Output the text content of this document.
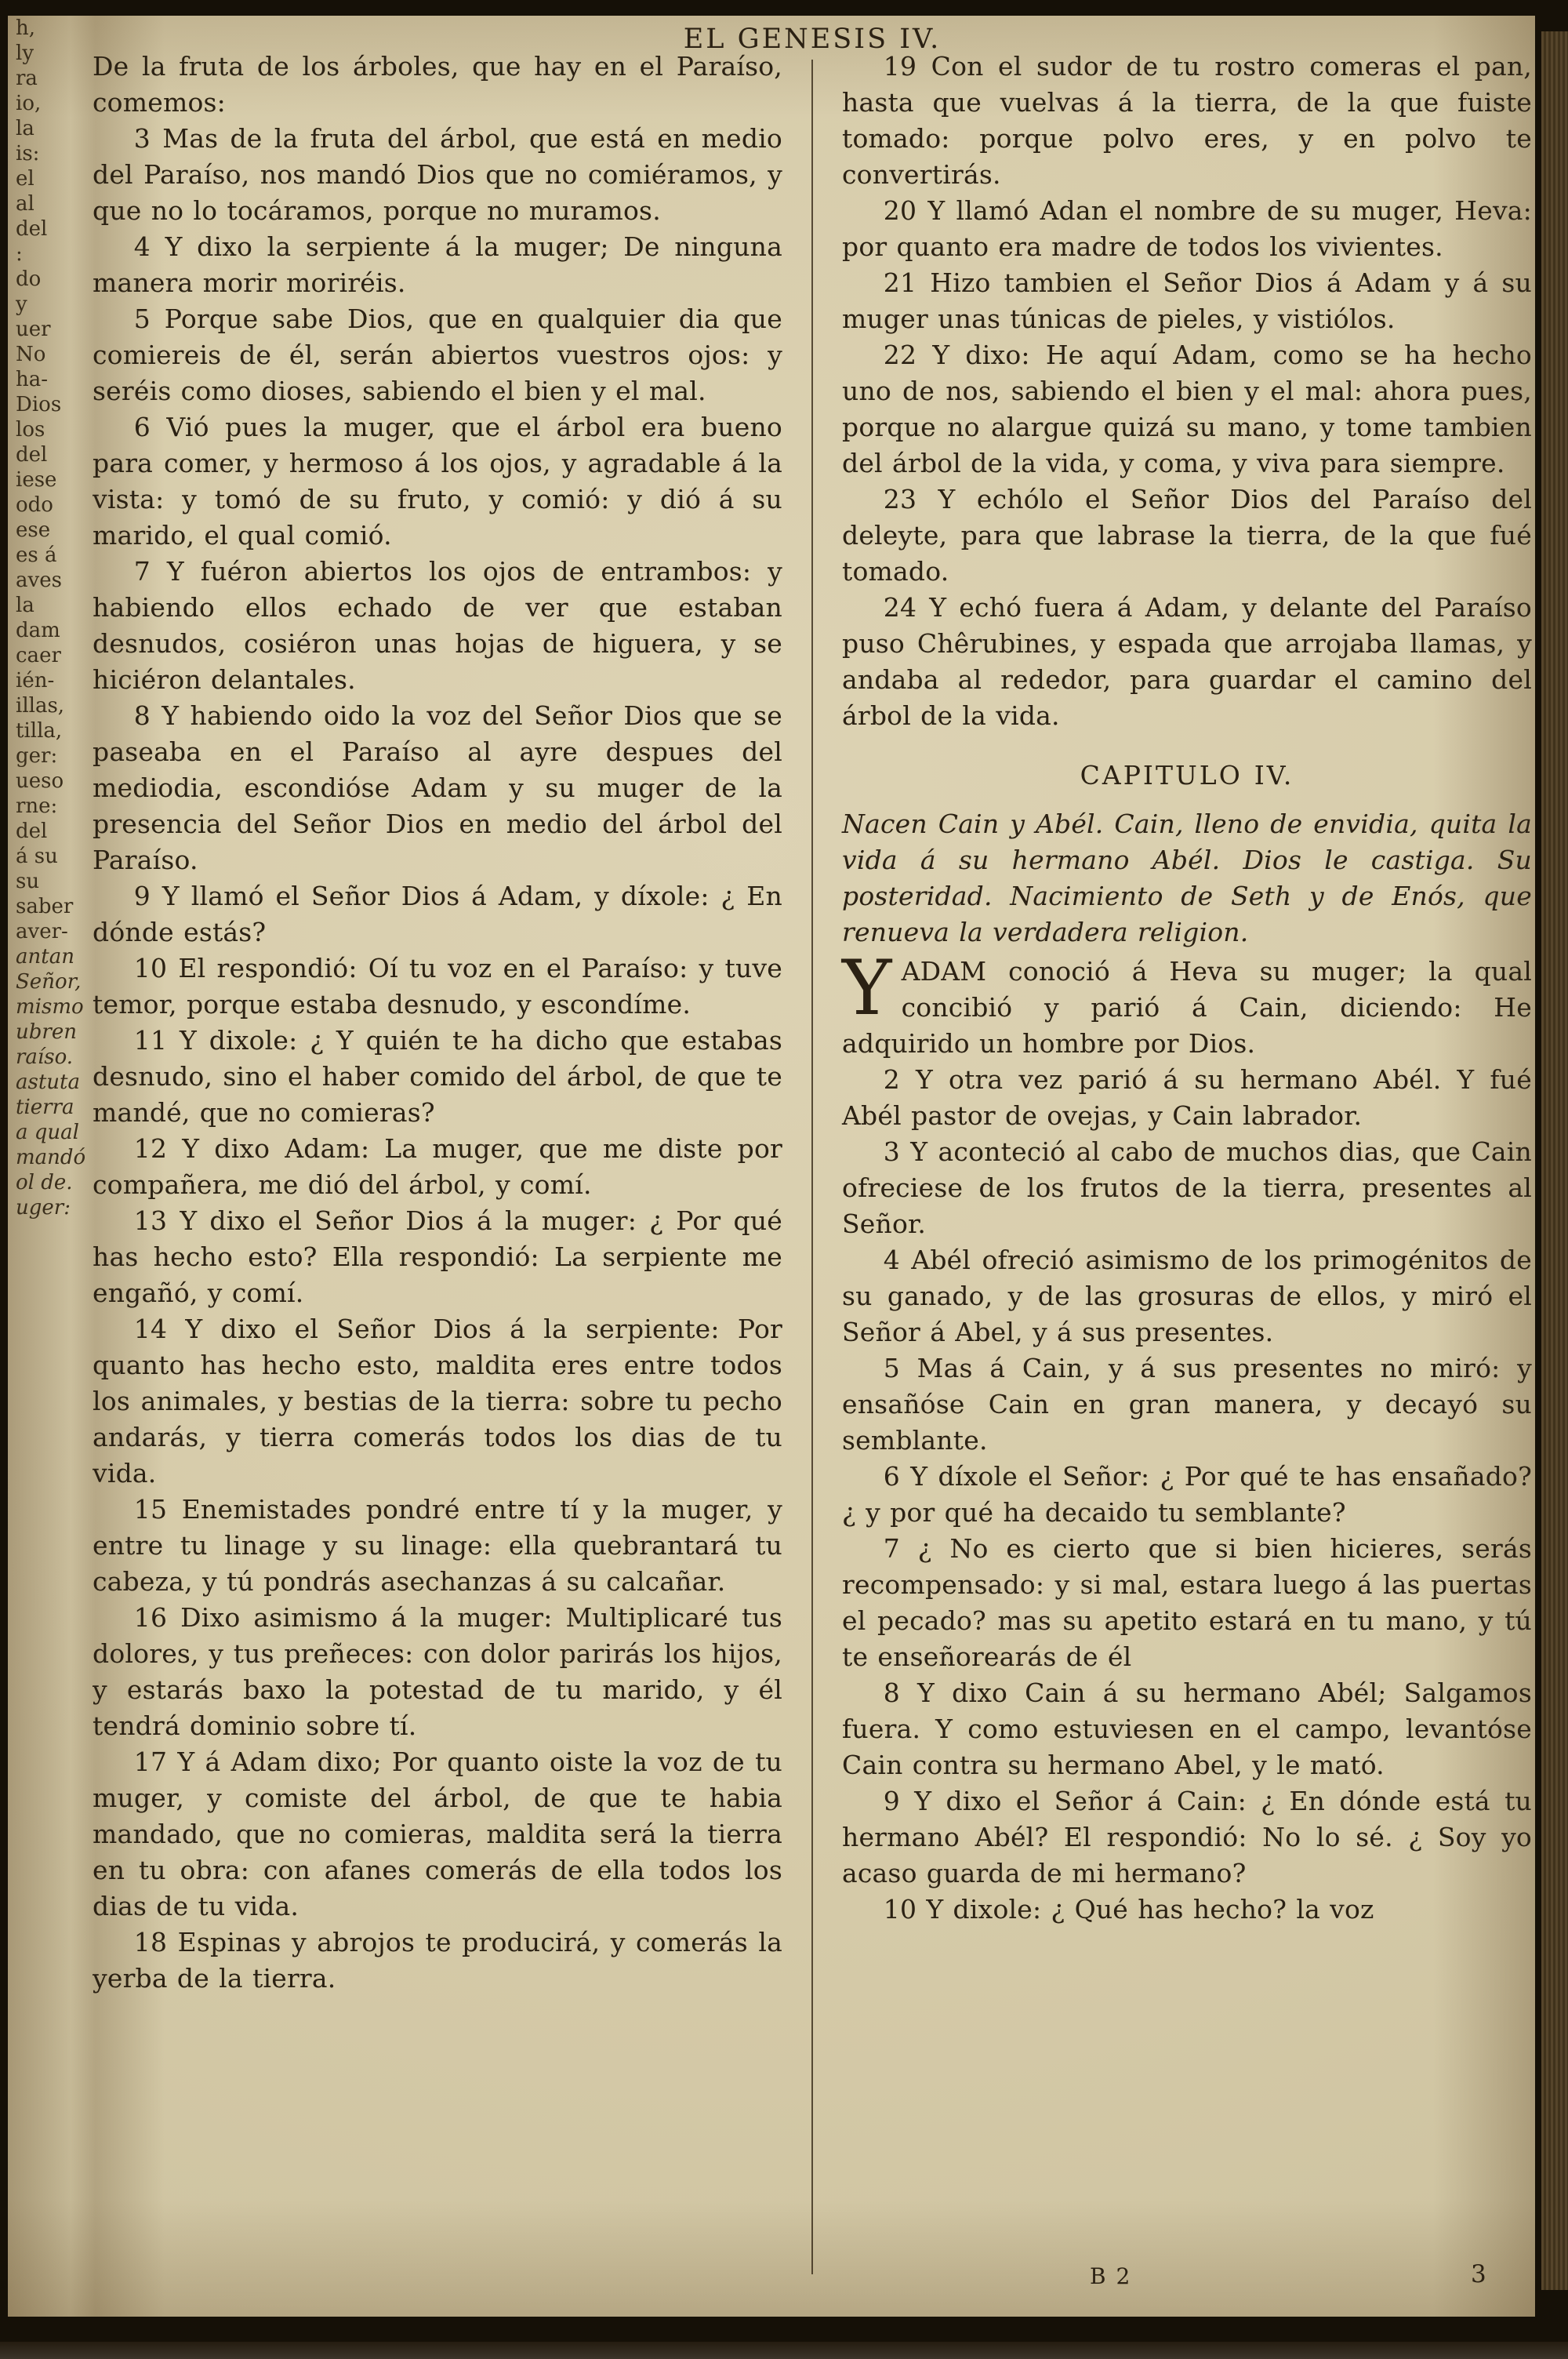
h,
ly
ra
io,
la
is:
el
al
del
:
do
y
uer
No
ha-
Dios
los
del
iese
odo
ese
es á
aves
la
dam
caer
ién-
illas,
tilla,
ger:
ueso
rne:
del
á su
su
saber
aver-
antan
Señor,
mismo
ubren
raíso.
astuta
tierra
a qual
mandó
ol de.
uger:
EL GENESIS IV.

De la fruta de los árboles, que hay en el Paraíso, comemos:

3 Mas de la fruta del árbol, que está en medio del Paraíso, nos mandó Dios que no comiéramos, y que no lo tocáramos, porque no muramos.

4 Y dixo la serpiente á la muger; De ninguna manera morir moriréis.

5 Porque sabe Dios, que en qualquier dia que comiereis de él, serán abiertos vuestros ojos: y seréis como dioses, sabiendo el bien y el mal.

6 Vió pues la muger, que el árbol era bueno para comer, y hermoso á los ojos, y agradable á la vista: y tomó de su fruto, y comió: y dió á su marido, el qual comió.

7 Y fuéron abiertos los ojos de entrambos: y habiendo ellos echado de ver que estaban desnudos, cosiéron unas hojas de higuera, y se hiciéron delantales.

8 Y habiendo oido la voz del Señor Dios que se paseaba en el Paraíso al ayre despues del mediodia, escondióse Adam y su muger de la presencia del Señor Dios en medio del árbol del Paraíso.

9 Y llamó el Señor Dios á Adam, y díxole: ¿ En dónde estás?

10 El respondió: Oí tu voz en el Paraíso: y tuve temor, porque estaba desnudo, y escondíme.

11 Y dixole: ¿ Y quién te ha dicho que estabas desnudo, sino el haber comido del árbol, de que te mandé, que no comieras?

12 Y dixo Adam: La muger, que me diste por compañera, me dió del árbol, y comí.

13 Y dixo el Señor Dios á la muger: ¿ Por qué has hecho esto? Ella respondió: La serpiente me engañó, y comí.

14 Y dixo el Señor Dios á la serpiente: Por quanto has hecho esto, maldita eres entre todos los animales, y bestias de la tierra: sobre tu pecho andarás, y tierra comerás todos los dias de tu vida.

15 Enemistades pondré entre tí y la muger, y entre tu linage y su linage: ella quebrantará tu cabeza, y tú pondrás asechanzas á su calcañar.

16 Dixo asimismo á la muger: Multiplicaré tus dolores, y tus preñeces: con dolor parirás los hijos, y estarás baxo la potestad de tu marido, y él tendrá dominio sobre tí.

17 Y á Adam dixo; Por quanto oiste la voz de tu muger, y comiste del árbol, de que te habia mandado, que no comieras, maldita será la tierra en tu obra: con afanes comerás de ella todos los dias de tu vida.

18 Espinas y abrojos te producirá, y comerás la yerba de la tierra.

19 Con el sudor de tu rostro comeras el pan, hasta que vuelvas á la tierra, de la que fuiste tomado: porque polvo eres, y en polvo te convertirás.

20 Y llamó Adan el nombre de su muger, Heva: por quanto era madre de todos los vivientes.

21 Hizo tambien el Señor Dios á Adam y á su muger unas túnicas de pieles, y vistiólos.

22 Y dixo: He aquí Adam, como se ha hecho uno de nos, sabiendo el bien y el mal: ahora pues, porque no alargue quizá su mano, y tome tambien del árbol de la vida, y coma, y viva para siempre.

23 Y echólo el Señor Dios del Paraíso del deleyte, para que labrase la tierra, de la que fué tomado.

24 Y echó fuera á Adam, y delante del Paraíso puso Chêrubines, y espada que arrojaba llamas, y andaba al rededor, para guardar el camino del árbol de la vida.

CAPITULO IV.

Nacen Cain y Abél. Cain, lleno de envidia, quita la vida á su hermano Abél. Dios le castiga. Su posteridad. Nacimiento de Seth y de Enós, que renueva la verdadera religion.

YADAM conoció á Heva su muger; la qual concibió y parió á Cain, diciendo: He adquirido un hombre por Dios.

2 Y otra vez parió á su hermano Abél. Y fué Abél pastor de ovejas, y Cain labrador.

3 Y aconteció al cabo de muchos dias, que Cain ofreciese de los frutos de la tierra, presentes al Señor.

4 Abél ofreció asimismo de los primogénitos de su ganado, y de las grosuras de ellos, y miró el Señor á Abel, y á sus presentes.

5 Mas á Cain, y á sus presentes no miró: y ensañóse Cain en gran manera, y decayó su semblante.

6 Y díxole el Señor: ¿ Por qué te has ensañado? ¿ y por qué ha decaido tu semblante?

7 ¿ No es cierto que si bien hicieres, serás recompensado: y si mal, estara luego á las puertas el pecado? mas su apetito estará en tu mano, y tú te enseñorearás de él

8 Y dixo Cain á su hermano Abél; Salgamos fuera. Y como estuviesen en el campo, levantóse Cain contra su hermano Abel, y le mató.

9 Y dixo el Señor á Cain: ¿ En dónde está tu hermano Abél? El respondió: No lo sé. ¿ Soy yo acaso guarda de mi hermano?

10 Y dixole: ¿ Qué has hecho? la voz

B 2	3
